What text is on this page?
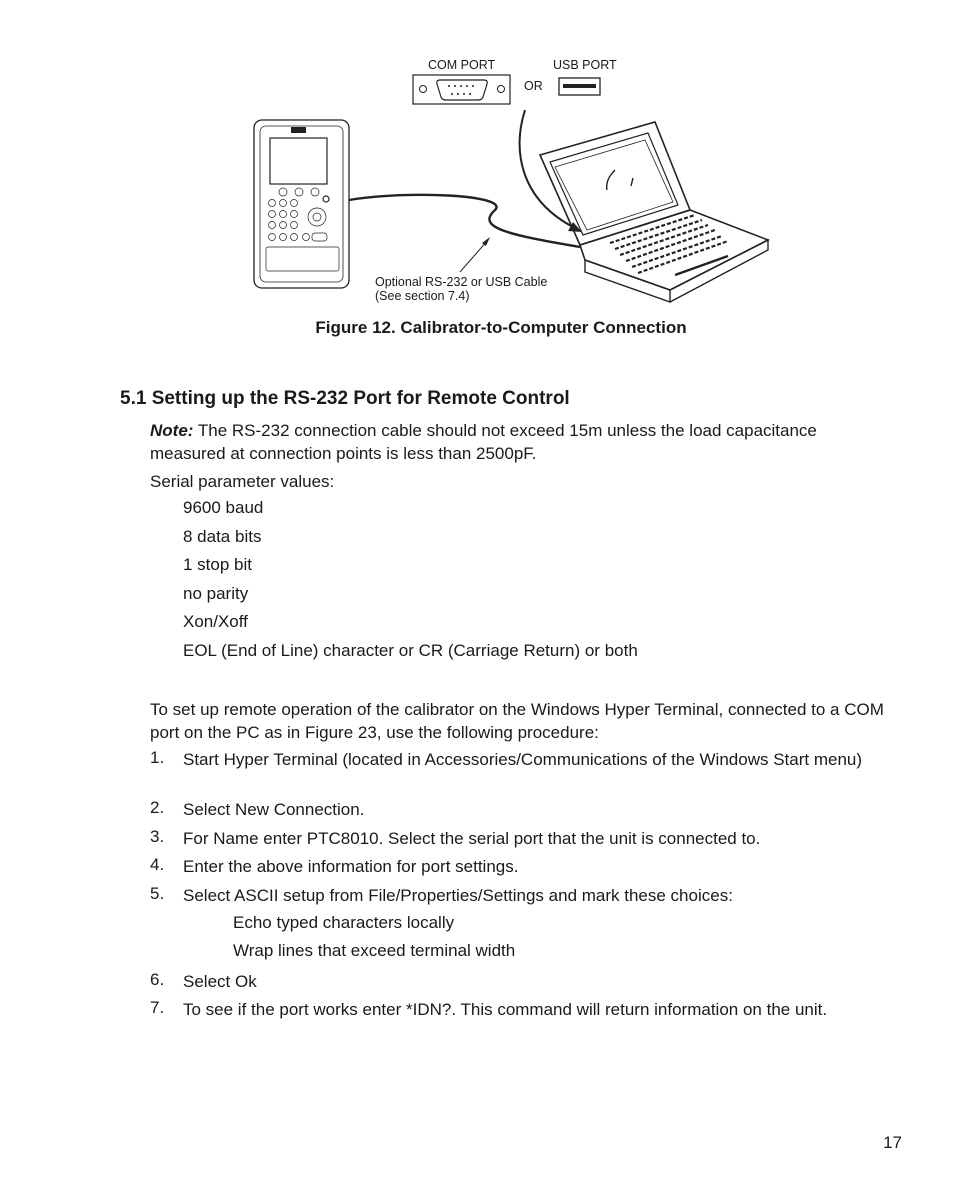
COM PORT	USB PORT
OR
Optional RS-232 or USB Cable
(See section 7.4)
Figure 12. Calibrator-to-Computer Connection
5.1 Setting up the RS-232 Port for Remote Control
Note: The RS-232 connection cable should not exceed 15m unless the load capacitance measured at connection points is less than 2500pF.
Serial parameter values:
9600 baud
8 data bits
1 stop bit
no parity
Xon/Xoff
EOL (End of Line) character or CR (Carriage Return) or both
To set up remote operation of the calibrator on the Windows Hyper Terminal, connected to a COM port on the PC as in Figure 23, use the following procedure:
1. Start Hyper Terminal (located in Accessories/Communications of the Windows Start menu)
2. Select New Connection.
3. For Name enter PTC8010. Select the serial port that the unit is connected to.
4. Enter the above information for port settings.
5. Select ASCII setup from File/Properties/Settings and mark these choices:
Echo typed characters locally
Wrap lines that exceed terminal width
6. Select Ok
7. To see if the port works enter *IDN?. This command will return information on the unit.
17
